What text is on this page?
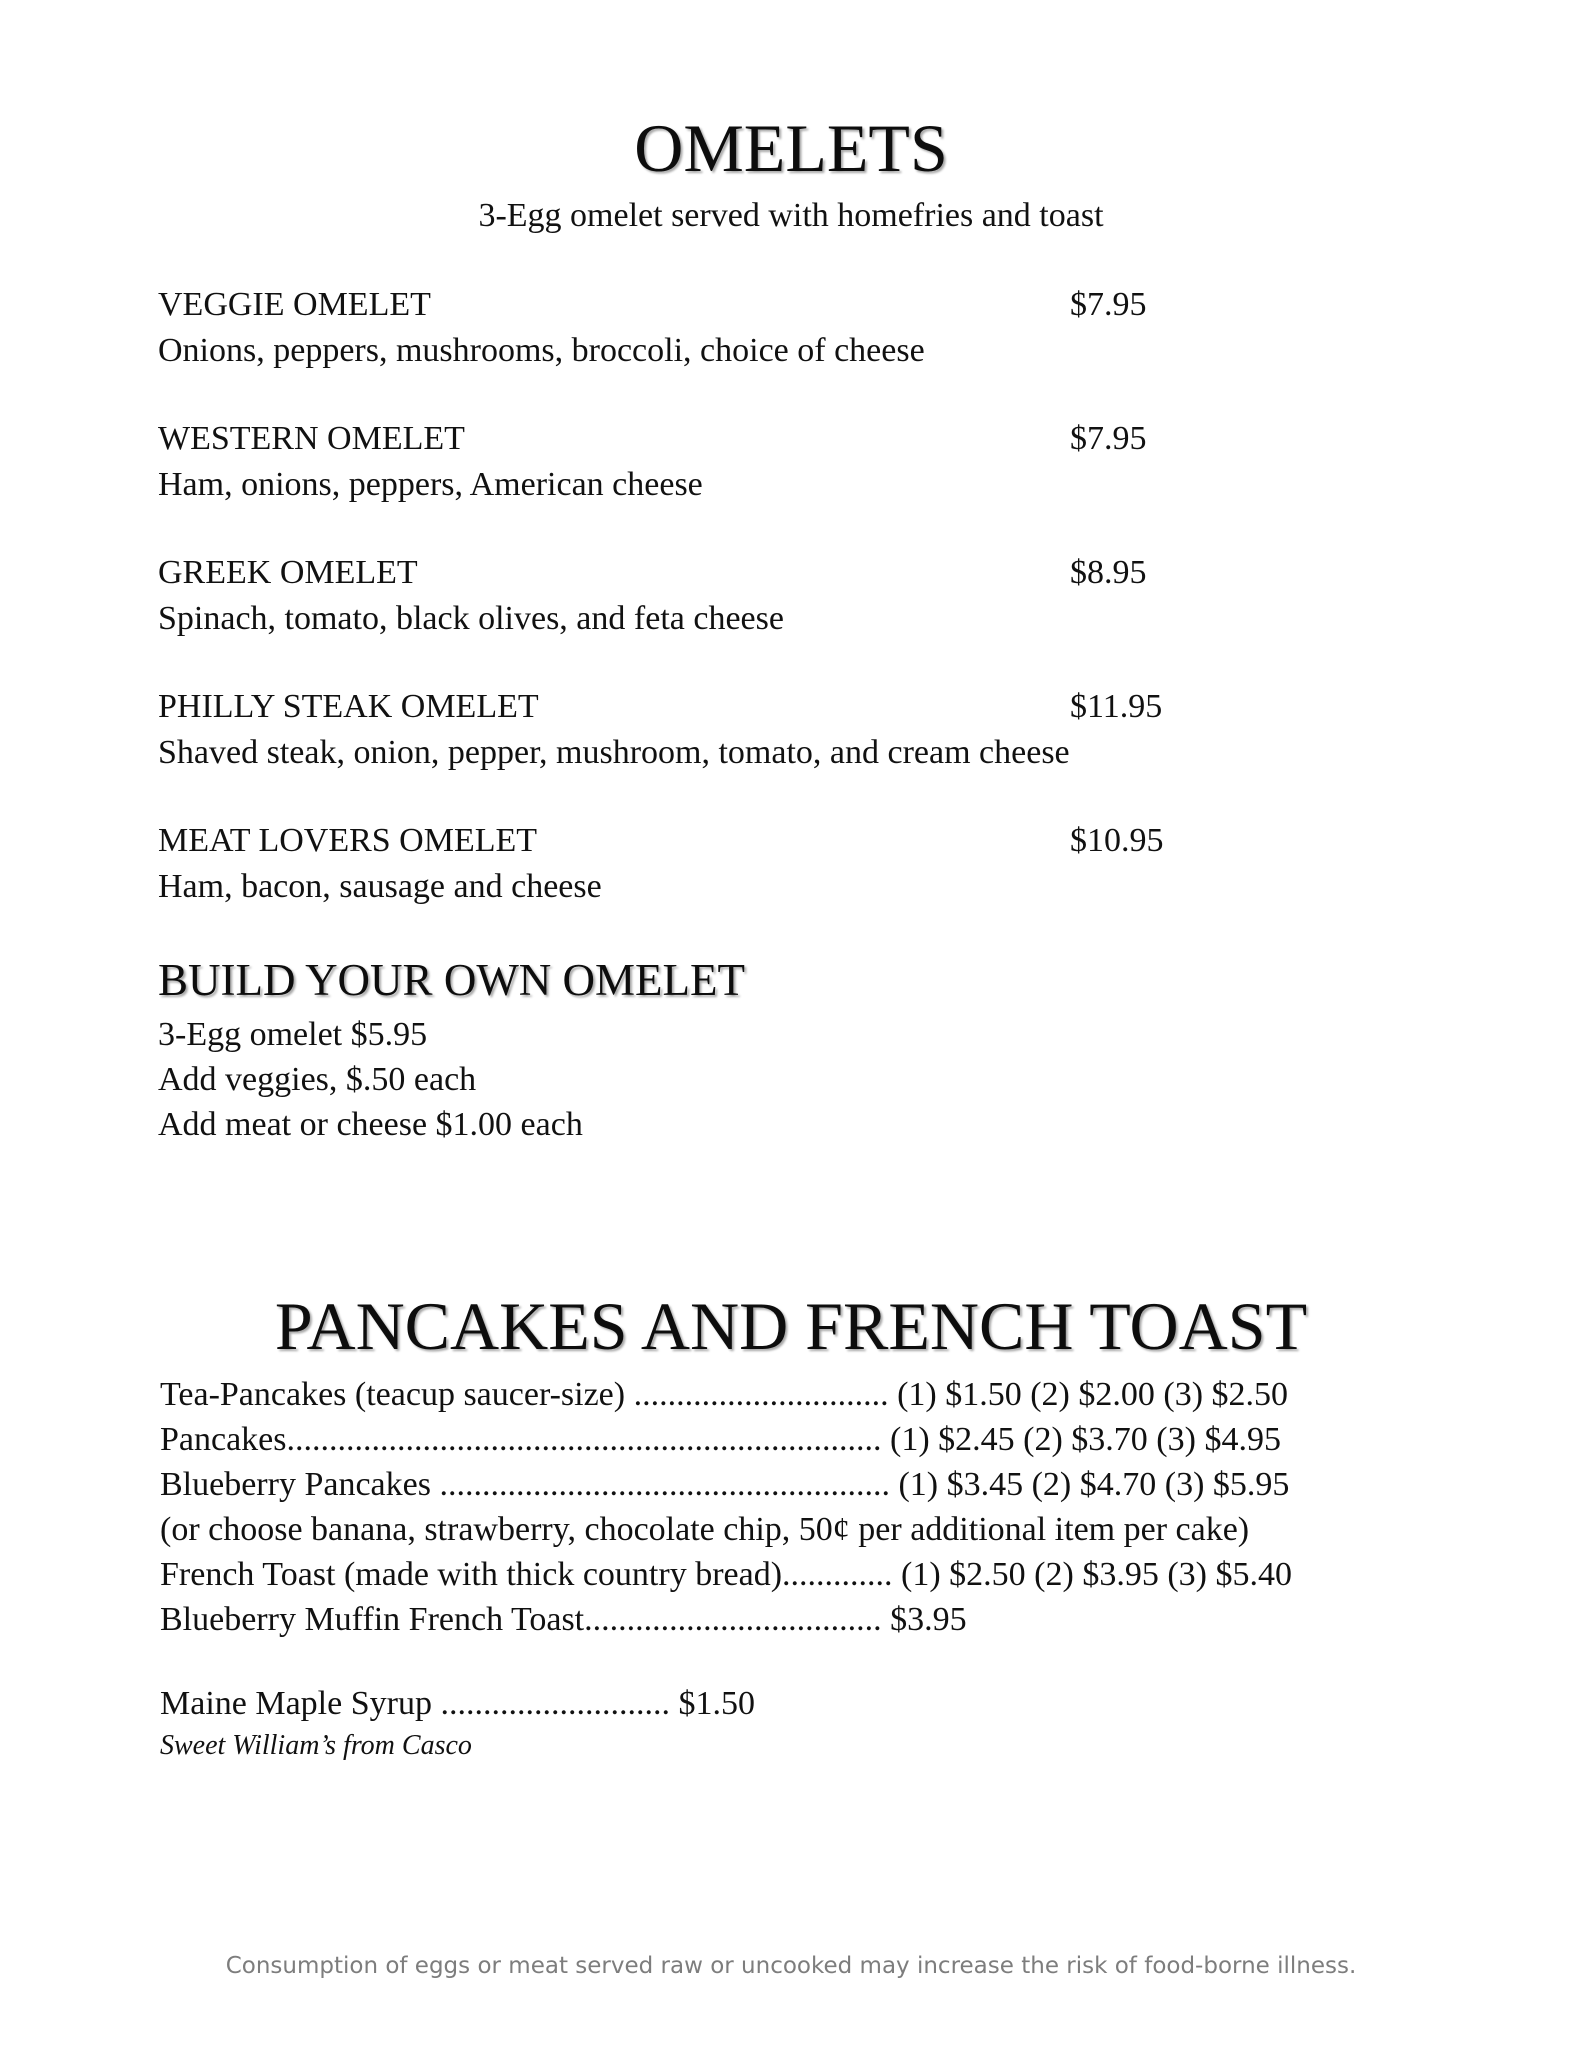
OMELETS
3-Egg omelet served with homefries and toast
VEGGIE OMELET	$7.95
Onions, peppers, mushrooms, broccoli, choice of cheese
WESTERN OMELET	$7.95
Ham, onions, peppers, American cheese
GREEK OMELET	$8.95
Spinach, tomato, black olives, and feta cheese
PHILLY STEAK OMELET	$11.95
Shaved steak, onion, pepper, mushroom, tomato, and cream cheese
MEAT LOVERS OMELET	$10.95
Ham, bacon, sausage and cheese
BUILD YOUR OWN OMELET
3-Egg omelet $5.95
Add veggies, $.50 each
Add meat or cheese $1.00 each
PANCAKES AND FRENCH TOAST
Tea-Pancakes (teacup saucer-size) .............................. (1) $1.50 (2) $2.00 (3) $2.50
Pancakes...................................................................... (1) $2.45 (2) $3.70 (3) $4.95
Blueberry Pancakes ..................................................... (1) $3.45 (2) $4.70 (3) $5.95
(or choose banana, strawberry, chocolate chip, 50¢ per additional item per cake)
French Toast (made with thick country bread)............. (1) $2.50 (2) $3.95 (3) $5.40
Blueberry Muffin French Toast................................... $3.95
Maine Maple Syrup ........................... $1.50
Sweet William’s from Casco
Consumption of eggs or meat served raw or uncooked may increase the risk of food-borne illness.
